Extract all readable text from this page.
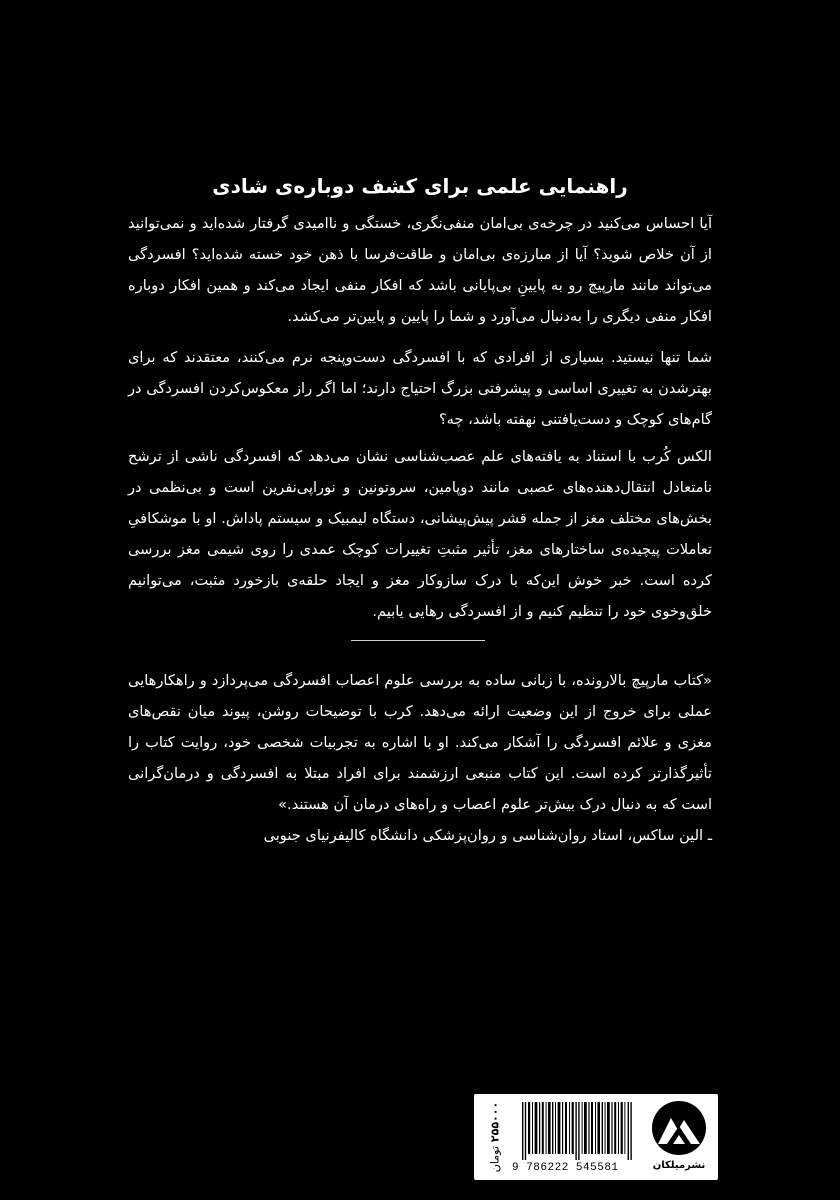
راهنمایی علمی برای کشف دوباره‌ی شادی

آیا احساس می‌کنید در چرخه‌ی بی‌امان منفی‌نگری، خستگی و ناامیدی گرفتار شده‌اید و نمی‌توانید از آن خلاص شوید؟ آیا از مبارزه‌ی بی‌امان و طاقت‌فرسا با ذهن خود خسته شده‌اید؟ افسردگی می‌تواند مانند مارپیچ رو به پایینِ بی‌پایانی باشد که افکار منفی ایجاد می‌کند و همین افکار دوباره افکار منفی دیگری را به‌دنبال می‌آورد و شما را پایین و پایین‌تر می‌کشد.

شما تنها نیستید. بسیاری از افرادی که با افسردگی دست‌وپنجه نرم می‌کنند، معتقدند که برای بهترشدن به تغییری اساسی و پیشرفتی بزرگ احتیاج دارند؛ اما اگر راز معکوس‌کردن افسردگی در گام‌های کوچک و دست‌یافتنی نهفته باشد، چه؟

الکس کُرب با استناد به یافته‌های علم عصب‌شناسی نشان می‌دهد که افسردگی ناشی از ترشح نامتعادل انتقال‌دهنده‌های عصبی مانند دوپامین، سروتونین و نوراپی‌نفرین است و بی‌نظمی در بخش‌های مختلف مغز از جمله قشر پیش‌پیشانی، دستگاه لیمبیک و سیستم پاداش. او با موشکافیِ تعاملات پیچیده‌ی ساختارهای مغز، تأثیر مثبتِ تغییرات کوچک عمدی را روی شیمی مغز بررسی کرده است. خبر خوش این‌که با درک سازوکار مغز و ایجاد حلقه‌ی بازخورد مثبت، می‌توانیم خلق‌وخوی خود را تنظیم کنیم و از افسردگی رهایی یابیم.

«کتاب مارپیچ بالارونده، با زبانی ساده به بررسی علوم اعصاب افسردگی می‌پردازد و راهکارهایی عملی برای خروج از این وضعیت ارائه می‌دهد. کرب با توضیحات روشن، پیوند میان نقص‌های مغزی و علائم افسردگی را آشکار می‌کند. او با اشاره به تجربیات شخصی خود، روایت کتاب را تأثیرگذارتر کرده است. این کتاب منبعی ارزشمند برای افراد مبتلا به افسردگی و درمان‌گرانی است که به دنبال درک بیش‌تر علوم اعصاب و راه‌های درمان آن هستند.»

ـ الین ساکس، استاد روان‌شناسی و روان‌پزشکی دانشگاه کالیفرنیای جنوبی

۲۵۵۰۰۰تومان 9 786222 545581	نشرمیلکان
